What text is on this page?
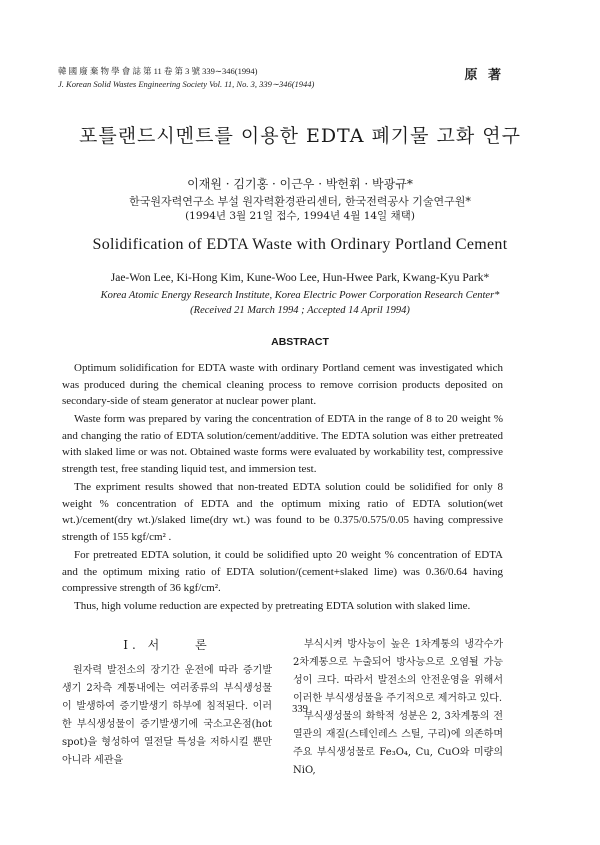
韓 國 廢 棄 物 學 會 誌 第 11 卷 第 3 號 339∼346(1994)
J. Korean Solid Wastes Engineering Society Vol. 11, No. 3, 339∼346(1944)
原 著
포틀랜드시멘트를 이용한 EDTA 폐기물 고화 연구
이재원 · 김기홍 · 이근우 · 박헌휘 · 박광규*
한국원자력연구소 부설 원자력환경관리센터, 한국전력공사 기술연구원*
(1994년 3월 21일 접수, 1994년 4월 14일 채택)
Solidification of EDTA Waste with Ordinary Portland Cement
Jae-Won Lee, Ki-Hong Kim, Kune-Woo Lee, Hun-Hwee Park, Kwang-Kyu Park*
Korea Atomic Energy Research Institute, Korea Electric Power Corporation Research Center*
(Received 21 March 1994 ; Accepted 14 April 1994)
ABSTRACT

Optimum solidification for EDTA waste with ordinary Portland cement was investigated which was produced during the chemical cleaning process to remove corrision products deposited on secondary-side of steam generator at nuclear power plant.

Waste form was prepared by varing the concentration of EDTA in the range of 8 to 20 weight % and changing the ratio of EDTA solution/cement/additive. The EDTA solution was either pretreated with slaked lime or was not. Obtained waste forms were evaluated by workability test, compressive strength test, free standing liquid test, and immersion test.

The expriment results showed that non-treated EDTA solution could be solidified for only 8 weight % concentration of EDTA and the optimum mixing ratio of EDTA solution(wet wt.)/cement(dry wt.)/slaked lime(dry wt.) was found to be 0.375/0.575/0.05 having compressive strength of 155 kgf/cm² .

For pretreated EDTA solution, it could be solidified upto 20 weight % concentration of EDTA and the optimum mixing ratio of EDTA solution/(cement+slaked lime) was 0.36/0.64 having compressive strength of 36 kgf/cm².

Thus, high volume reduction are expected by pretreating EDTA solution with slaked lime.

Ⅰ. 서　　론

원자력 발전소의 장기간 운전에 따라 증기발생기 2차측 계통내에는 여러종류의 부식생성물이 발생하여 증기발생기 하부에 침적된다. 이러한 부식생성물이 증기발생기에 국소고온점(hot spot)을 형성하여 열전달 특성을 저하시킬 뿐만아니라 세관을

부식시켜 방사능이 높은 1차계통의 냉각수가 2차계통으로 누출되어 방사능으로 오염될 가능성이 크다. 따라서 발전소의 안전운영을 위해서 이러한 부식생성물을 주기적으로 제거하고 있다.

부식생성물의 화학적 성분은 2, 3차계통의 전열관의 재질(스테인레스 스틸, 구리)에 의존하며 주요 부식생성물로 Fe₃O₄, Cu, CuO와 미량의 NiO,

339
